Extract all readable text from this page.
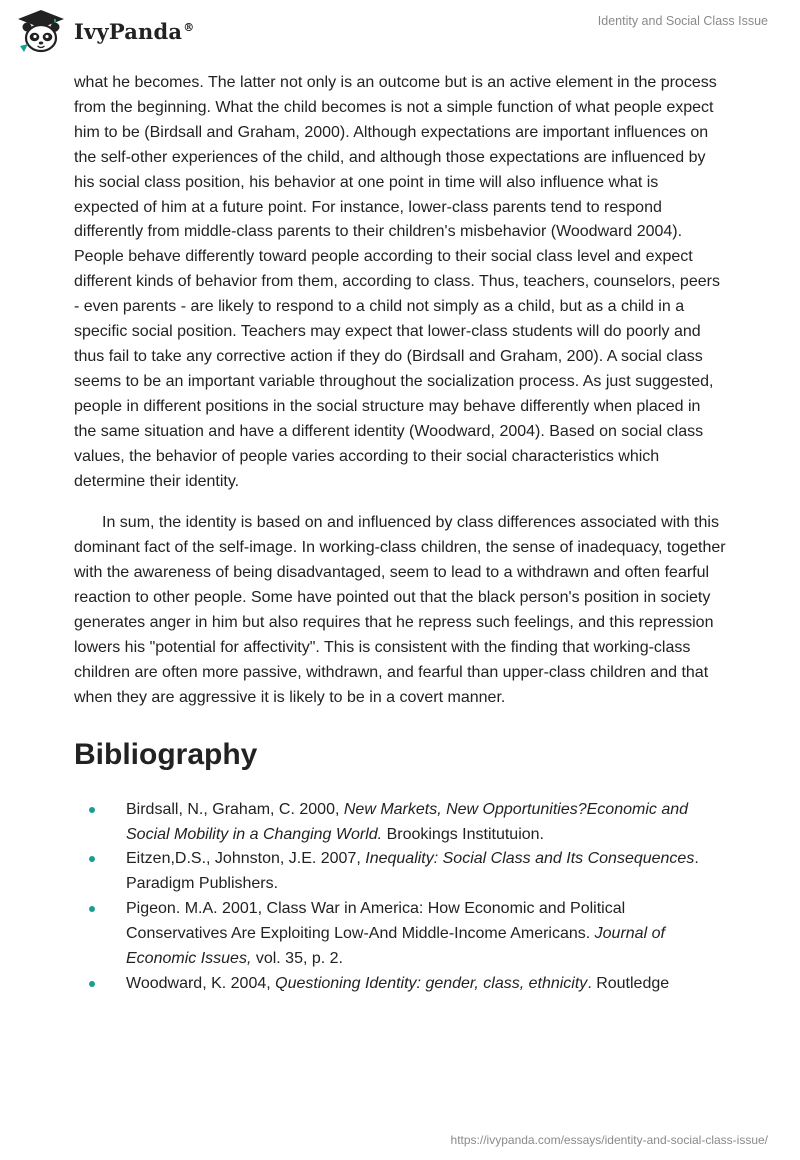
IvyPanda®	Identity and Social Class Issue

what he becomes. The latter not only is an outcome but is an active element in the process from the beginning. What the child becomes is not a simple function of what people expect him to be (Birdsall and Graham, 2000). Although expectations are important influences on the self-other experiences of the child, and although those expectations are influenced by his social class position, his behavior at one point in time will also influence what is expected of him at a future point. For instance, lower-class parents tend to respond differently from middle-class parents to their children's misbehavior (Woodward 2004). People behave differently toward people according to their social class level and expect different kinds of behavior from them, according to class. Thus, teachers, counselors, peers - even parents - are likely to respond to a child not simply as a child, but as a child in a specific social position. Teachers may expect that lower-class students will do poorly and thus fail to take any corrective action if they do (Birdsall and Graham, 200). A social class seems to be an important variable throughout the socialization process. As just suggested, people in different positions in the social structure may behave differently when placed in the same situation and have a different identity (Woodward, 2004). Based on social class values, the behavior of people varies according to their social characteristics which determine their identity.

In sum, the identity is based on and influenced by class differences associated with this dominant fact of the self-image. In working-class children, the sense of inadequacy, together with the awareness of being disadvantaged, seem to lead to a withdrawn and often fearful reaction to other people. Some have pointed out that the black person's position in society generates anger in him but also requires that he repress such feelings, and this repression lowers his "potential for affectivity". This is consistent with the finding that working-class children are often more passive, withdrawn, and fearful than upper-class children and that when they are aggressive it is likely to be in a covert manner.

Bibliography
Birdsall, N., Graham, C. 2000, New Markets, New Opportunities?Economic and Social Mobility in a Changing World. Brookings Institutuion.
Eitzen,D.S., Johnston, J.E. 2007, Inequality: Social Class and Its Consequences. Paradigm Publishers.
Pigeon. M.A. 2001, Class War in America: How Economic and Political Conservatives Are Exploiting Low-And Middle-Income Americans. Journal of Economic Issues, vol. 35, p. 2.
Woodward, K. 2004, Questioning Identity: gender, class, ethnicity. Routledge
https://ivypanda.com/essays/identity-and-social-class-issue/
